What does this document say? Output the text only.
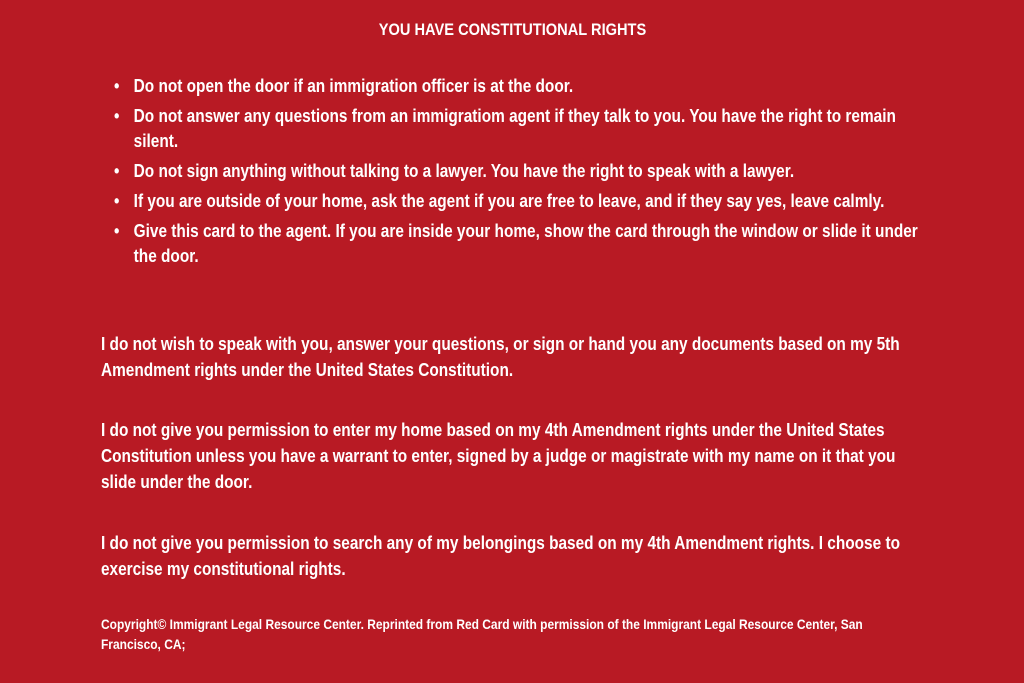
YOU HAVE CONSTITUTIONAL RIGHTS
• Do not open the door if an immigration officer is at the door.
• Do not answer any questions from an immigratiom agent if they talk to you. You have the right to remain silent.
• Do not sign anything without talking to a lawyer. You have the right to speak with a lawyer.
• If you are outside of your home, ask the agent if you are free to leave, and if they say yes, leave calmly.
• Give this card to the agent. If you are inside your home, show the card through the window or slide it under the door.

I do not wish to speak with you, answer your questions, or sign or hand you any documents based on my 5th Amendment rights under the United States Constitution.

I do not give you permission to enter my home based on my 4th Amendment rights under the United States Constitution unless you have a warrant to enter, signed by a judge or magistrate with my name on it that you slide under the door.

I do not give you permission to search any of my belongings based on my 4th Amendment rights. I choose to exercise my constitutional rights.

Copyright© Immigrant Legal Resource Center. Reprinted from Red Card with permission of the Immigrant Legal Resource Center, San Francisco, CA;
